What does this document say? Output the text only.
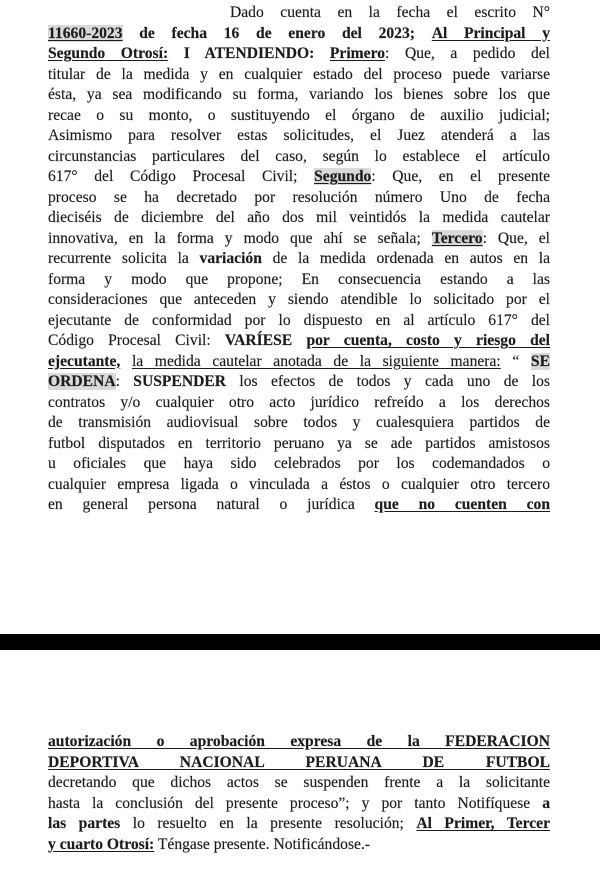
Dado cuenta en la fecha el escrito N°
11660-2023 de fecha 16 de enero del 2023; Al Principal y
Segundo Otrosí: I ATENDIENDO: Primero: Que, a pedido del
titular de la medida y en cualquier estado del proceso puede variarse
ésta, ya sea modificando su forma, variando los bienes sobre los que
recae o su monto, o sustituyendo el órgano de auxilio judicial;
Asimismo para resolver estas solicitudes, el Juez atenderá a las
circunstancias particulares del caso, según lo establece el artículo
617° del Código Procesal Civil; Segundo: Que, en el presente
proceso se ha decretado por resolución número Uno de fecha
dieciséis de diciembre del año dos mil veintidós la medida cautelar
innovativa, en la forma y modo que ahí se señala; Tercero: Que, el
recurrente solicita la variación de la medida ordenada en autos en la
forma y modo que propone; En consecuencia estando a las
consideraciones que anteceden y siendo atendible lo solicitado por el
ejecutante de conformidad por lo dispuesto en al artículo 617° del
Código Procesal Civil: VARÍESE por cuenta, costo y riesgo del
ejecutante, la medida cautelar anotada de la siguiente manera: “ SE
ORDENA: SUSPENDER los efectos de todos y cada uno de los
contratos y/o cualquier otro acto jurídico refreído a los derechos
de transmisión audiovisual sobre todos y cualesquiera partidos de
futbol disputados en territorio peruano ya se ade partidos amistosos
u oficiales que haya sido celebrados por los codemandados o
cualquier empresa ligada o vinculada a éstos o cualquier otro tercero
en general persona natural o jurídica que no cuenten con
autorización o aprobación expresa de la FEDERACION
DEPORTIVA NACIONAL PERUANA DE FUTBOL
decretando que dichos actos se suspenden frente a la solicitante
hasta la conclusión del presente proceso”; y por tanto Notifíquese a
las partes lo resuelto en la presente resolución; Al Primer, Tercer
y cuarto Otrosí: Téngase presente. Notificándose.-
